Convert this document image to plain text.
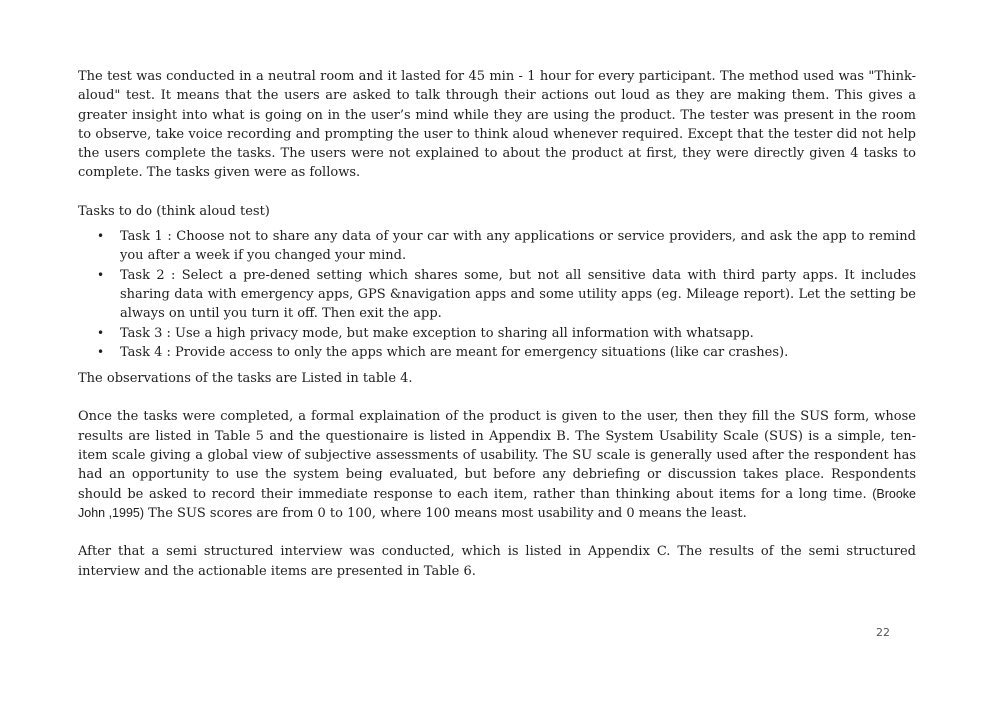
The test was conducted in a neutral room and it lasted for 45 min - 1 hour for every participant. The method used was "Think-aloud" test. It means that the users are asked to talk through their actions out loud as they are making them. This gives a greater insight into what is going on in the user’s mind while they are using the product. The tester was present in the room to observe, take voice recording and prompting the user to think aloud whenever required. Except that the tester did not help the users complete the tasks. The users were not explained to about the product at first, they were directly given 4 tasks to complete. The tasks given were as follows.

Tasks to do (think aloud test)

• Task 1 : Choose not to share any data of your car with any applications or service providers, and ask the app to remind you after a week if you changed your mind.
• Task 2 : Select a pre-dened setting which shares some, but not all sensitive data with third party apps. It includes sharing data with emergency apps, GPS &navigation apps and some utility apps (eg. Mileage report). Let the setting be always on until you turn it off. Then exit the app.
• Task 3 : Use a high privacy mode, but make exception to sharing all information with whatsapp.
• Task 4 : Provide access to only the apps which are meant for emergency situations (like car crashes).

The observations of the tasks are Listed in table 4.

Once the tasks were completed, a formal explaination of the product is given to the user, then they fill the SUS form, whose results are listed in Table 5 and the questionaire is listed in Appendix B. The System Usability Scale (SUS) is a simple, ten-item scale giving a global view of subjective assessments of usability. The SU scale is generally used after the respondent has had an opportunity to use the system being evaluated, but before any debriefing or discussion takes place. Respondents should be asked to record their immediate response to each item, rather than thinking about items for a long time. (Brooke John ,1995) The SUS scores are from 0 to 100, where 100 means most usability and 0 means the least.

After that a semi structured interview was conducted, which is listed in Appendix C. The results of the semi structured interview and the actionable items are presented in Table 6.

22
